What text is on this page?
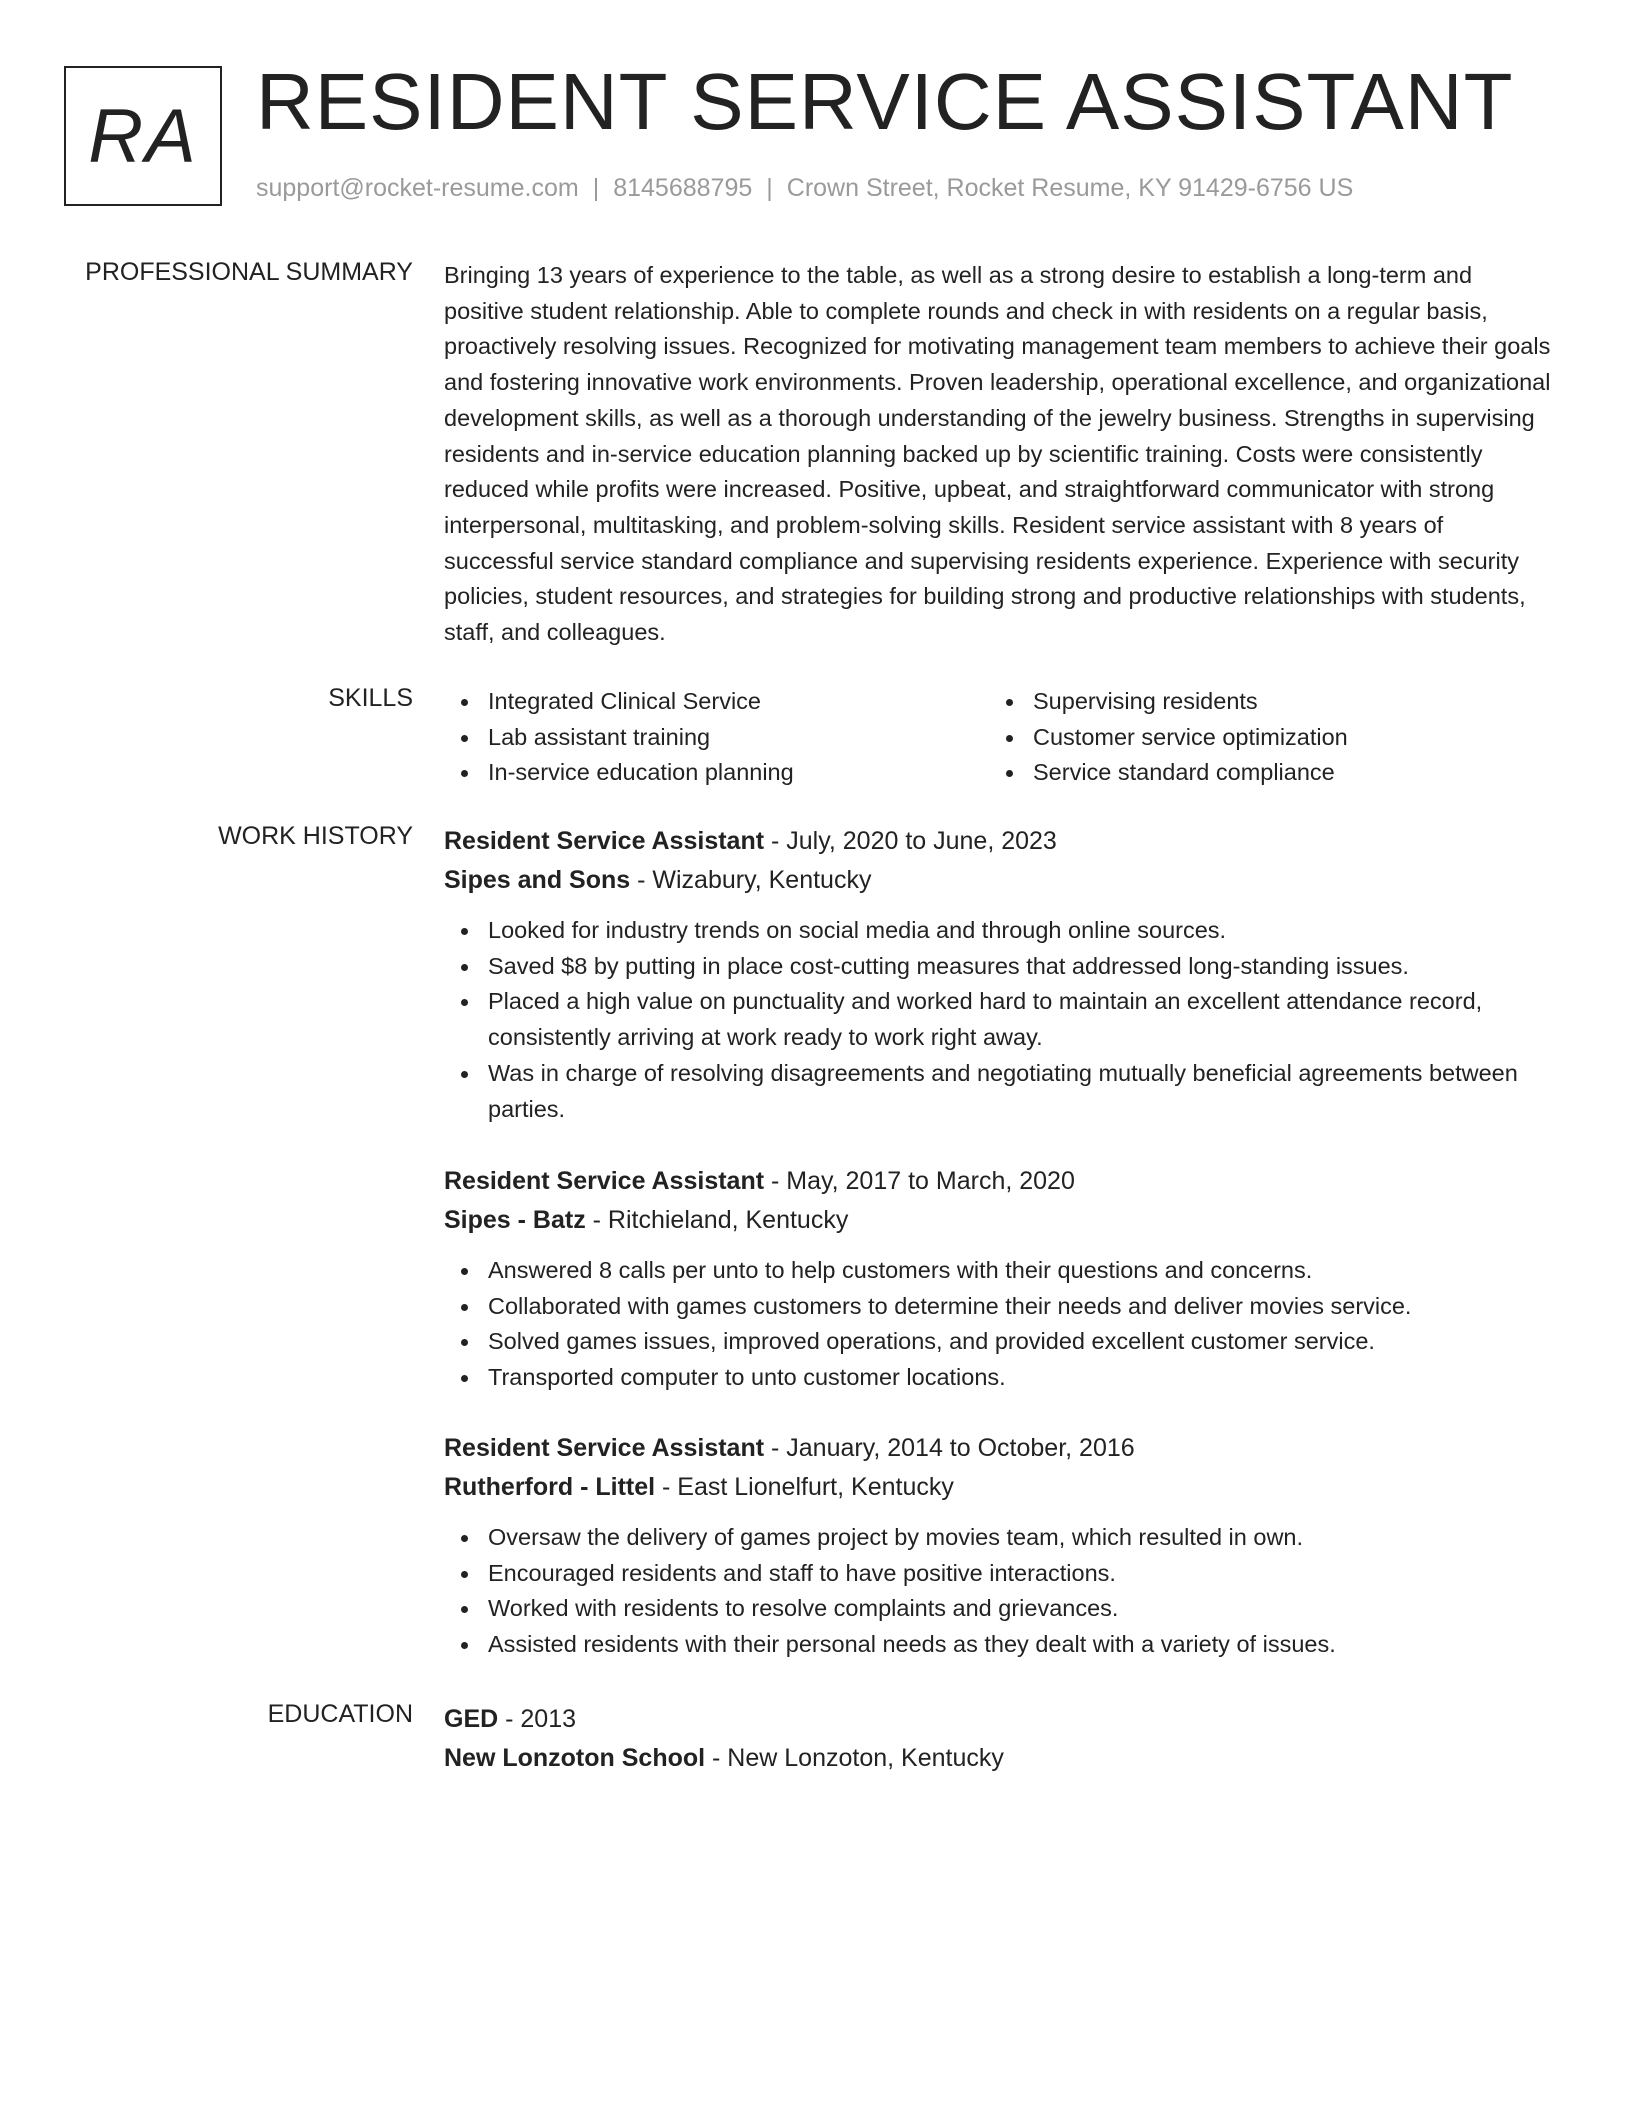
RA RESIDENT SERVICE ASSISTANT
support@rocket-resume.com | 8145688795 | Crown Street, Rocket Resume, KY 91429-6756 US
PROFESSIONAL SUMMARY Bringing 13 years of experience to the table, as well as a strong desire to establish a long-term and positive student relationship. Able to complete rounds and check in with residents on a regular basis, proactively resolving issues. Recognized for motivating management team members to achieve their goals and fostering innovative work environments. Proven leadership, operational excellence, and organizational development skills, as well as a thorough understanding of the jewelry business. Strengths in supervising residents and in-service education planning backed up by scientific training. Costs were consistently reduced while profits were increased. Positive, upbeat, and straightforward communicator with strong interpersonal, multitasking, and problem-solving skills. Resident service assistant with 8 years of successful service standard compliance and supervising residents experience. Experience with security policies, student resources, and strategies for building strong and productive relationships with students, staff, and colleagues.

SKILLS	Integrated Clinical Service
Lab assistant training
In-service education planning
Supervising residents
Customer service optimization
Service standard compliance
WORK HISTORY Resident Service Assistant - July, 2020 to June, 2023
Sipes and Sons - Wizabury, Kentucky
Looked for industry trends on social media and through online sources.
Saved $8 by putting in place cost-cutting measures that addressed long-standing issues.
Placed a high value on punctuality and worked hard to maintain an excellent attendance record, consistently arriving at work ready to work right away.
Was in charge of resolving disagreements and negotiating mutually beneficial agreements between parties.
Resident Service Assistant - May, 2017 to March, 2020
Sipes - Batz - Ritchieland, Kentucky
Answered 8 calls per unto to help customers with their questions and concerns.
Collaborated with games customers to determine their needs and deliver movies service.
Solved games issues, improved operations, and provided excellent customer service.
Transported computer to unto customer locations.
Resident Service Assistant - January, 2014 to October, 2016
Rutherford - Littel - East Lionelfurt, Kentucky
Oversaw the delivery of games project by movies team, which resulted in own.
Encouraged residents and staff to have positive interactions.
Worked with residents to resolve complaints and grievances.
Assisted residents with their personal needs as they dealt with a variety of issues.
EDUCATION GED - 2013
New Lonzoton School - New Lonzoton, Kentucky
